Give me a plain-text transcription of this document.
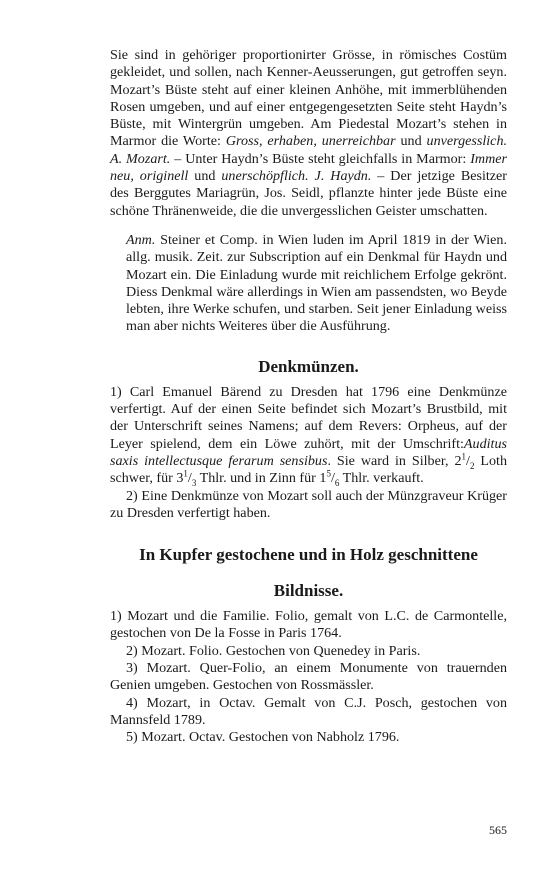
Sie sind in gehöriger proportionirter Grösse, in römisches Costüm gekleidet, und sollen, nach Kenner-Aeusserungen, gut getroffen seyn. Mozart’s Büste steht auf einer kleinen Anhöhe, mit immerblühenden Rosen umgeben, und auf einer entgegengesetzten Seite steht Haydn’s Büste, mit Wintergrün umgeben. Am Piedestal Mozart’s stehen in Marmor die Worte: Gross, erhaben, unerreichbar und unvergesslich. A. Mozart. – Unter Haydn’s Büste steht gleichfalls in Marmor: Immer neu, originell und unerschöpflich. J. Haydn. – Der jetzige Besitzer des Berggutes Mariagrün, Jos. Seidl, pflanzte hinter jede Büste eine schöne Thränenweide, die die unvergesslichen Geister umschatten.

Anm. Steiner et Comp. in Wien luden im April 1819 in der Wien. allg. musik. Zeit. zur Subscription auf ein Denkmal für Haydn und Mozart ein. Die Einladung wurde mit reichlichem Erfolge gekrönt. Diess Denkmal wäre allerdings in Wien am passendsten, wo Beyde lebten, ihre Werke schufen, und starben. Seit jener Einladung weiss man aber nichts Weiteres über die Ausführung.

Denkmünzen.

1) Carl Emanuel Bärend zu Dresden hat 1796 eine Denkmünze verfertigt. Auf der einen Seite befindet sich Mozart’s Brustbild, mit der Unterschrift seines Namens; auf dem Revers: Orpheus, auf der Leyer spielend, dem ein Löwe zuhört, mit der Umschrift:Auditus saxis intellectusque ferarum sensibus. Sie ward in Silber, $2^1/_2$ Loth schwer, für $3^1/_3$ Thlr. und in Zinn für $1^5/_6$ Thlr. verkauft.

2) Eine Denkmünze von Mozart soll auch der Münzgraveur Krüger zu Dresden verfertigt haben.

In Kupfer gestochene und in Holz geschnittene
Bildnisse.

1) Mozart und die Familie. Folio, gemalt von L.C. de Carmontelle, gestochen von De la Fosse in Paris 1764.

2) Mozart. Folio. Gestochen von Quenedey in Paris.

3) Mozart. Quer-Folio, an einem Monumente von trauernden Genien umgeben. Gestochen von Rossmässler.

4) Mozart, in Octav. Gemalt von C.J. Posch, gestochen von Mannsfeld 1789.

5) Mozart. Octav. Gestochen von Nabholz 1796.

565
